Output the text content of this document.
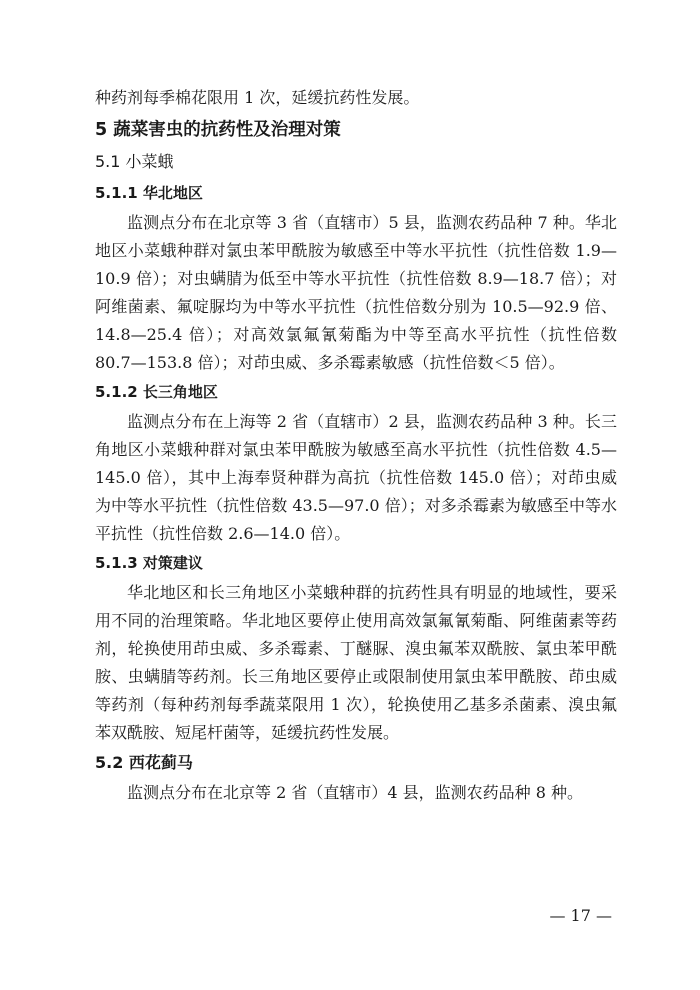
种药剂每季棉花限用 1 次，延缓抗药性发展。
5 蔬菜害虫的抗药性及治理对策
5.1 小菜蛾
5.1.1 华北地区

监测点分布在北京等 3 省（直辖市）5 县，监测农药品种 7 种。华北地区小菜蛾种群对氯虫苯甲酰胺为敏感至中等水平抗性（抗性倍数 1.9—10.9 倍）；对虫螨腈为低至中等水平抗性（抗性倍数 8.9—18.7 倍）；对阿维菌素、氟啶脲均为中等水平抗性（抗性倍数分别为 10.5—92.9 倍、14.8—25.4 倍）；对高效氯氟氰菊酯为中等至高水平抗性（抗性倍数 80.7—153.8 倍）；对茚虫威、多杀霉素敏感（抗性倍数＜5 倍）。

5.1.2 长三角地区

监测点分布在上海等 2 省（直辖市）2 县，监测农药品种 3 种。长三角地区小菜蛾种群对氯虫苯甲酰胺为敏感至高水平抗性（抗性倍数 4.5—145.0 倍），其中上海奉贤种群为高抗（抗性倍数 145.0 倍）；对茚虫威为中等水平抗性（抗性倍数 43.5—97.0 倍）；对多杀霉素为敏感至中等水平抗性（抗性倍数 2.6—14.0 倍）。

5.1.3 对策建议

华北地区和长三角地区小菜蛾种群的抗药性具有明显的地域性，要采用不同的治理策略。华北地区要停止使用高效氯氟氰菊酯、阿维菌素等药剂，轮换使用茚虫威、多杀霉素、丁醚脲、溴虫氟苯双酰胺、氯虫苯甲酰胺、虫螨腈等药剂。长三角地区要停止或限制使用氯虫苯甲酰胺、茚虫威等药剂（每种药剂每季蔬菜限用 1 次），轮换使用乙基多杀菌素、溴虫氟苯双酰胺、短尾杆菌等，延缓抗药性发展。

5.2 西花蓟马

监测点分布在北京等 2 省（直辖市）4 县，监测农药品种 8 种。

— 17 —
